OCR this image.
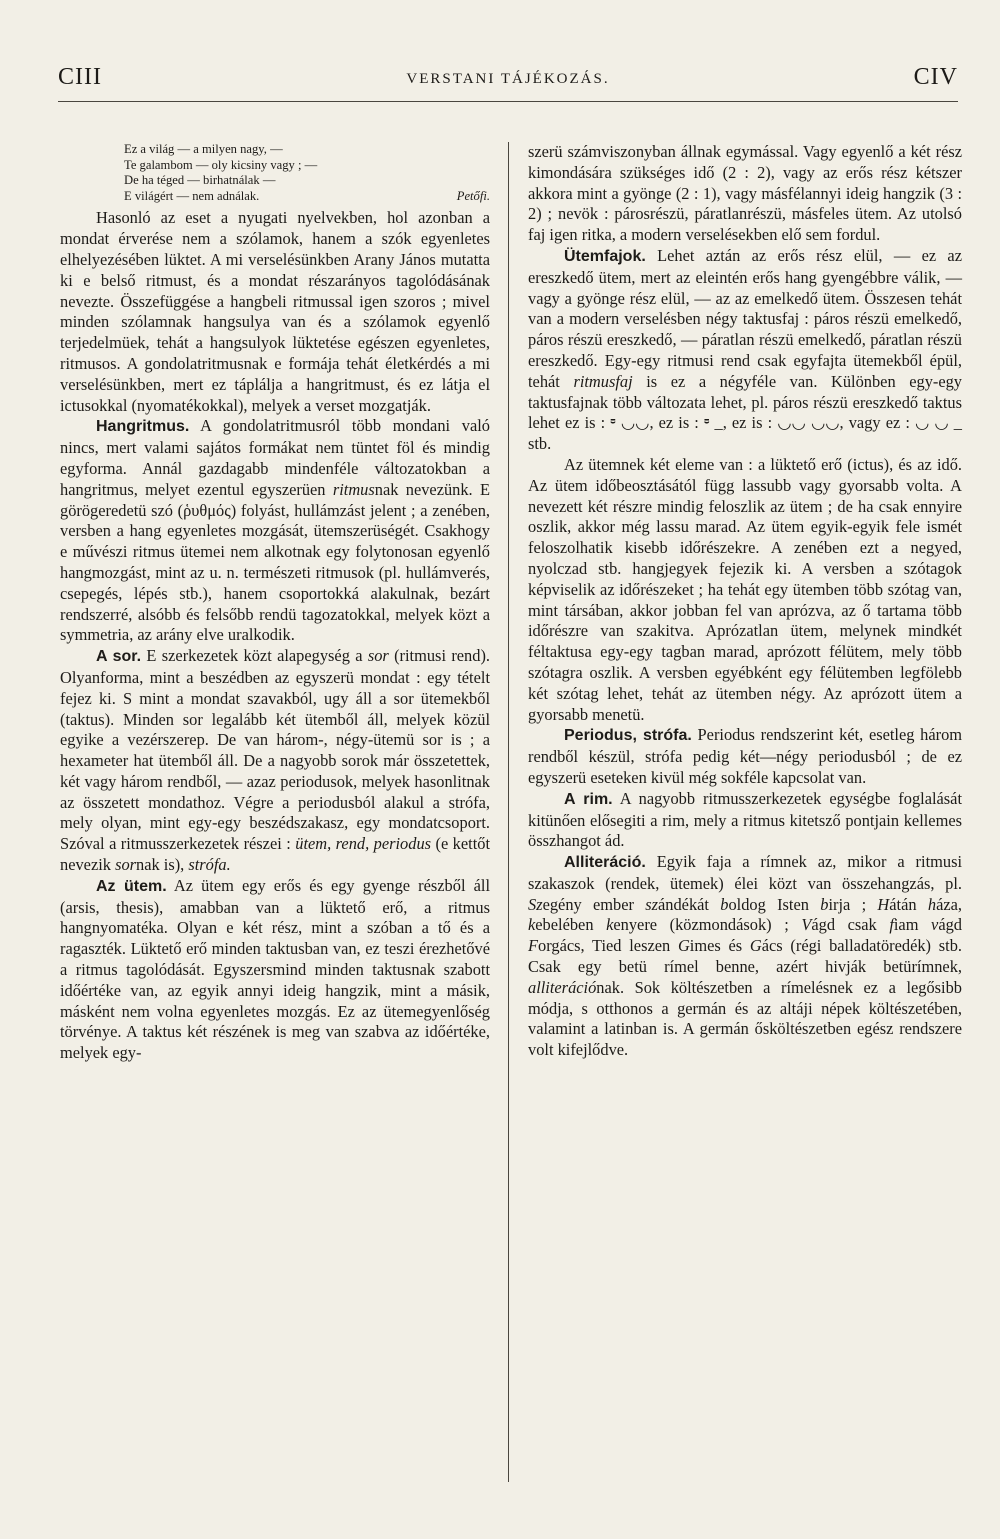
CIII	VERSTANI TÁJÉKOZÁS.	CIV
Ez a világ — a milyen nagy, —
Te galambom — oly kicsiny vagy ; —
De ha téged — birhatnálak —
E világért — nem adnálak.	Petőfi.

Hasonló az eset a nyugati nyelvekben, hol azonban a mondat érverése nem a szólamok, hanem a szók egyenletes elhelyezésében lüktet. A mi verselésünkben Arany János mutatta ki e belső ritmust, és a mondat részarányos tagolódásának nevezte. Összefüggése a hangbeli ritmussal igen szoros ; mivel minden szólamnak hangsulya van és a szólamok egyenlő terjedelmüek, tehát a hangsulyok lüktetése egészen egyenletes, ritmusos. A gondolatritmusnak e formája tehát életkérdés a mi verselésünkben, mert ez táplálja a hangritmust, és ez látja el ictusokkal (nyomatékokkal), melyek a verset mozgatják.

Hangritmus. A gondolatritmusról több mondani való nincs, mert valami sajátos formákat nem tüntet föl és mindig egyforma. Annál gazdagabb mindenféle változatokban a hangritmus, melyet ezentul egyszerüen ritmusnak nevezünk. E görögeredetü szó (ῥυθμός) folyást, hullámzást jelent ; a zenében, versben a hang egyenletes mozgását, ütemszerüségét. Csakhogy e művészi ritmus ütemei nem alkotnak egy folytonosan egyenlő hangmozgást, mint az u. n. természeti ritmusok (pl. hullámverés, csepegés, lépés stb.), hanem csoportokká alakulnak, bezárt rendszerré, alsóbb és felsőbb rendü tagozatokkal, melyek közt a symmetria, az arány elve uralkodik.

A sor. E szerkezetek közt alapegység a sor (ritmusi rend). Olyanforma, mint a beszédben az egyszerü mondat : egy tételt fejez ki. S mint a mondat szavakból, ugy áll a sor ütemekből (taktus). Minden sor legalább két ütemből áll, melyek közül egyike a vezérszerep. De van három-, négy-ütemü sor is ; a hexameter hat ütemből áll. De a nagyobb sorok már összetettek, két vagy három rendből, — azaz periodusok, melyek hasonlitnak az összetett mondathoz. Végre a periodusból alakul a strófa, mely olyan, mint egy-egy beszédszakasz, egy mondatcsoport. Szóval a ritmusszerkezetek részei : ütem, rend, periodus (e kettőt nevezik sornak is), strófa.

Az ütem. Az ütem egy erős és egy gyenge részből áll (arsis, thesis), amabban van a lüktető erő, a ritmus hangnyomatéka. Olyan e két rész, mint a szóban a tő és a ragaszték. Lüktető erő minden taktusban van, ez teszi érezhetővé a ritmus tagolódását. Egyszersmind minden taktusnak szabott időértéke van, az egyik annyi ideig hangzik, mint a másik, másként nem volna egyenletes mozgás. Ez az ütemegyenlőség törvénye. A taktus két részének is meg van szabva az időértéke, melyek egy-

szerü számviszonyban állnak egymással. Vagy egyenlő a két rész kimondására szükséges idő (2 : 2), vagy az erős rész kétszer akkora mint a gyönge (2 : 1), vagy másfélannyi ideig hangzik (3 : 2) ; nevök : párosrészü, páratlanrészü, másfeles ütem. Az utolsó faj igen ritka, a modern verselésekben elő sem fordul.

Ütemfajok. Lehet aztán az erős rész elül, — ez az ereszkedő ütem, mert az eleintén erős hang gyengébbre válik, — vagy a gyönge rész elül, — az az emelkedő ütem. Összesen tehát van a modern verselésben négy taktusfaj : páros részü emelkedő, páros részü ereszkedő, — páratlan részü emelkedő, páratlan részü ereszkedő. Egy-egy ritmusi rend csak egyfajta ütemekből épül, tehát ritmusfaj is ez a négyféle van. Különben egy-egy taktusfajnak több változata lehet, pl. páros részü ereszkedő taktus lehet ez is : ⏒ ◡◡, ez is : ⏒ _, ez is : ◡◡ ◡◡, vagy ez : ◡ ◡ _ stb.

Az ütemnek két eleme van : a lüktető erő (ictus), és az idő. Az ütem időbeosztásától függ lassubb vagy gyorsabb volta. A nevezett két részre mindig feloszlik az ütem ; de ha csak ennyire oszlik, akkor még lassu marad. Az ütem egyik-egyik fele ismét feloszolhatik kisebb időrészekre. A zenében ezt a negyed, nyolczad stb. hangjegyek fejezik ki. A versben a szótagok képviselik az időrészeket ; ha tehát egy ütemben több szótag van, mint társában, akkor jobban fel van aprózva, az ő tartama több időrészre van szakitva. Aprózatlan ütem, melynek mindkét féltaktusa egy-egy tagban marad, aprózott félütem, mely több szótagra oszlik. A versben egyébként egy félütemben legfölebb két szótag lehet, tehát az ütemben négy. Az aprózott ütem a gyorsabb menetü.

Periodus, strófa. Periodus rendszerint két, esetleg három rendből készül, strófa pedig két—négy periodusból ; de ez egyszerü eseteken kivül még sokféle kapcsolat van.

A rim. A nagyobb ritmusszerkezetek egységbe foglalását kitünően elősegiti a rim, mely a ritmus kitetsző pontjain kellemes összhangot ád.

Alliteráció. Egyik faja a rímnek az, mikor a ritmusi szakaszok (rendek, ütemek) élei közt van összehangzás, pl. Szegény ember szándékát boldog Isten birja ; Hátán háza, kebelében kenyere (közmondások) ; Vágd csak fiam vágd Forgács, Tied leszen Gimes és Gács (régi balladatöredék) stb. Csak egy betü rímel benne, azért hivják betürímnek, alliterációnak. Sok költészetben a rímelésnek ez a legősibb módja, s otthonos a germán és az altáji népek költészetében, valamint a latinban is. A germán ősköltészetben egész rendszere volt kifejlődve.
